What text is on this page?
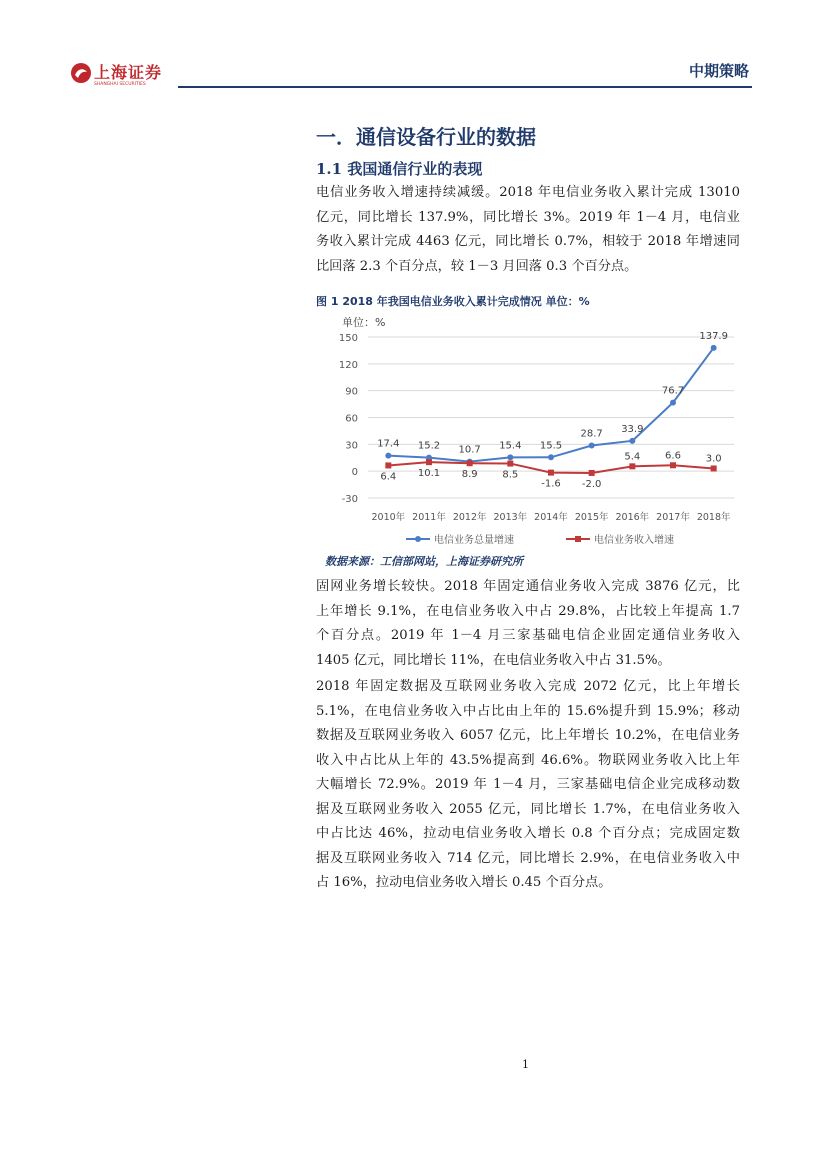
上海证券
SHANGHAI SECURITIES
中期策略
一．通信设备行业的数据
1.1 我国通信行业的表现
电信业务收入增速持续减缓。2018 年电信业务收入累计完成 13010
亿元，同比增长 137.9%，同比增长 3%。2019 年 1－4 月，电信业
务收入累计完成 4463 亿元，同比增长 0.7%，相较于 2018 年增速同
比回落 2.3 个百分点，较 1－3 月回落 0.3 个百分点。
图 1 2018 年我国电信业务收入累计完成情况 单位：%
单位：%
-30
0
30
60
90
120
150
2010年 2011年 2012年 2013年 2014年 2015年 2016年 2017年 2018年
17.4 15.2 10.7 15.4 15.5
28.7 33.9
76.7
137.9
6.4 10.1 8.9 8.5
-1.6 -2.0
5.4 6.6 3.0
电信业务总量增速	电信业务收入增速
数据来源：工信部网站，上海证券研究所
固网业务增长较快。2018 年固定通信业务收入完成 3876 亿元，比
上年增长 9.1%，在电信业务收入中占 29.8%，占比较上年提高 1.7
个百分点。2019 年 1－4 月三家基础电信企业固定通信业务收入
1405 亿元，同比增长 11%，在电信业务收入中占 31.5%。
2018 年固定数据及互联网业务收入完成 2072 亿元，比上年增长
5.1%，在电信业务收入中占比由上年的 15.6%提升到 15.9%；移动
数据及互联网业务收入 6057 亿元，比上年增长 10.2%，在电信业务
收入中占比从上年的 43.5%提高到 46.6%。物联网业务收入比上年
大幅增长 72.9%。2019 年 1－4 月，三家基础电信企业完成移动数
据及互联网业务收入 2055 亿元，同比增长 1.7%，在电信业务收入
中占比达 46%，拉动电信业务收入增长 0.8 个百分点；完成固定数
据及互联网业务收入 714 亿元，同比增长 2.9%，在电信业务收入中
占 16%，拉动电信业务收入增长 0.45 个百分点。
1
